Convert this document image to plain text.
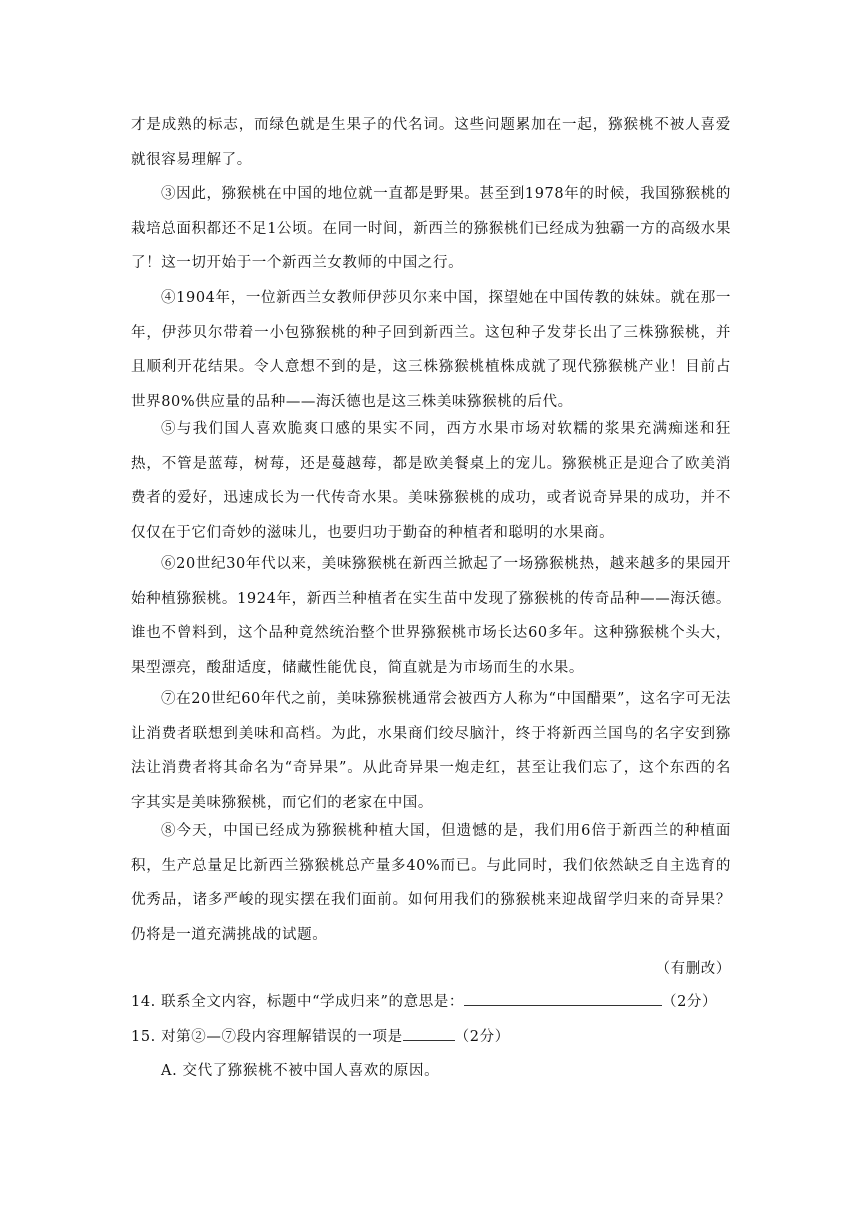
才是成熟的标志，而绿色就是生果子的代名词。这些问题累加在一起，猕猴桃不被人喜爱就很容易理解了。

③因此，猕猴桃在中国的地位就一直都是野果。甚至到1978年的时候，我国猕猴桃的栽培总面积都还不足1公顷。在同一时间，新西兰的猕猴桃们已经成为独霸一方的高级水果了！这一切开始于一个新西兰女教师的中国之行。

④1904年，一位新西兰女教师伊莎贝尔来中国，探望她在中国传教的妹妹。就在那一年，伊莎贝尔带着一小包猕猴桃的种子回到新西兰。这包种子发芽长出了三株猕猴桃，并且顺利开花结果。令人意想不到的是，这三株猕猴桃植株成就了现代猕猴桃产业！目前占世界80%供应量的品种——海沃德也是这三株美味猕猴桃的后代。

⑤与我们国人喜欢脆爽口感的果实不同，西方水果市场对软糯的浆果充满痴迷和狂热，不管是蓝莓，树莓，还是蔓越莓，都是欧美餐桌上的宠儿。猕猴桃正是迎合了欧美消费者的爱好，迅速成长为一代传奇水果。美味猕猴桃的成功，或者说奇异果的成功，并不仅仅在于它们奇妙的滋味儿，也要归功于勤奋的种植者和聪明的水果商。

⑥20世纪30年代以来，美味猕猴桃在新西兰掀起了一场猕猴桃热，越来越多的果园开始种植猕猴桃。1924年，新西兰种植者在实生苗中发现了猕猴桃的传奇品种——海沃德。谁也不曾料到，这个品种竟然统治整个世界猕猴桃市场长达60多年。这种猕猴桃个头大，果型漂亮，酸甜适度，储藏性能优良，简直就是为市场而生的水果。

⑦在20世纪60年代之前，美味猕猴桃通常会被西方人称为“中国醋栗”，这名字可无法让消费者联想到美味和高档。为此，水果商们绞尽脑汁，终于将新西兰国鸟的名字安到猕法让消费者将其命名为“奇异果”。从此奇异果一炮走红，甚至让我们忘了，这个东西的名字其实是美味猕猴桃，而它们的老家在中国。

⑧今天，中国已经成为猕猴桃种植大国，但遗憾的是，我们用6倍于新西兰的种植面积，生产总量足比新西兰猕猴桃总产量多40%而已。与此同时，我们依然缺乏自主选育的优秀品，诸多严峻的现实摆在我们面前。如何用我们的猕猴桃来迎战留学归来的奇异果？仍将是一道充满挑战的试题。

（有删改）

14. 联系全文内容，标题中“学成归来”的意思是：	（2分）

15. 对第②—⑦段内容理解错误的一项是	（2分）

A. 交代了猕猴桃不被中国人喜欢的原因。
